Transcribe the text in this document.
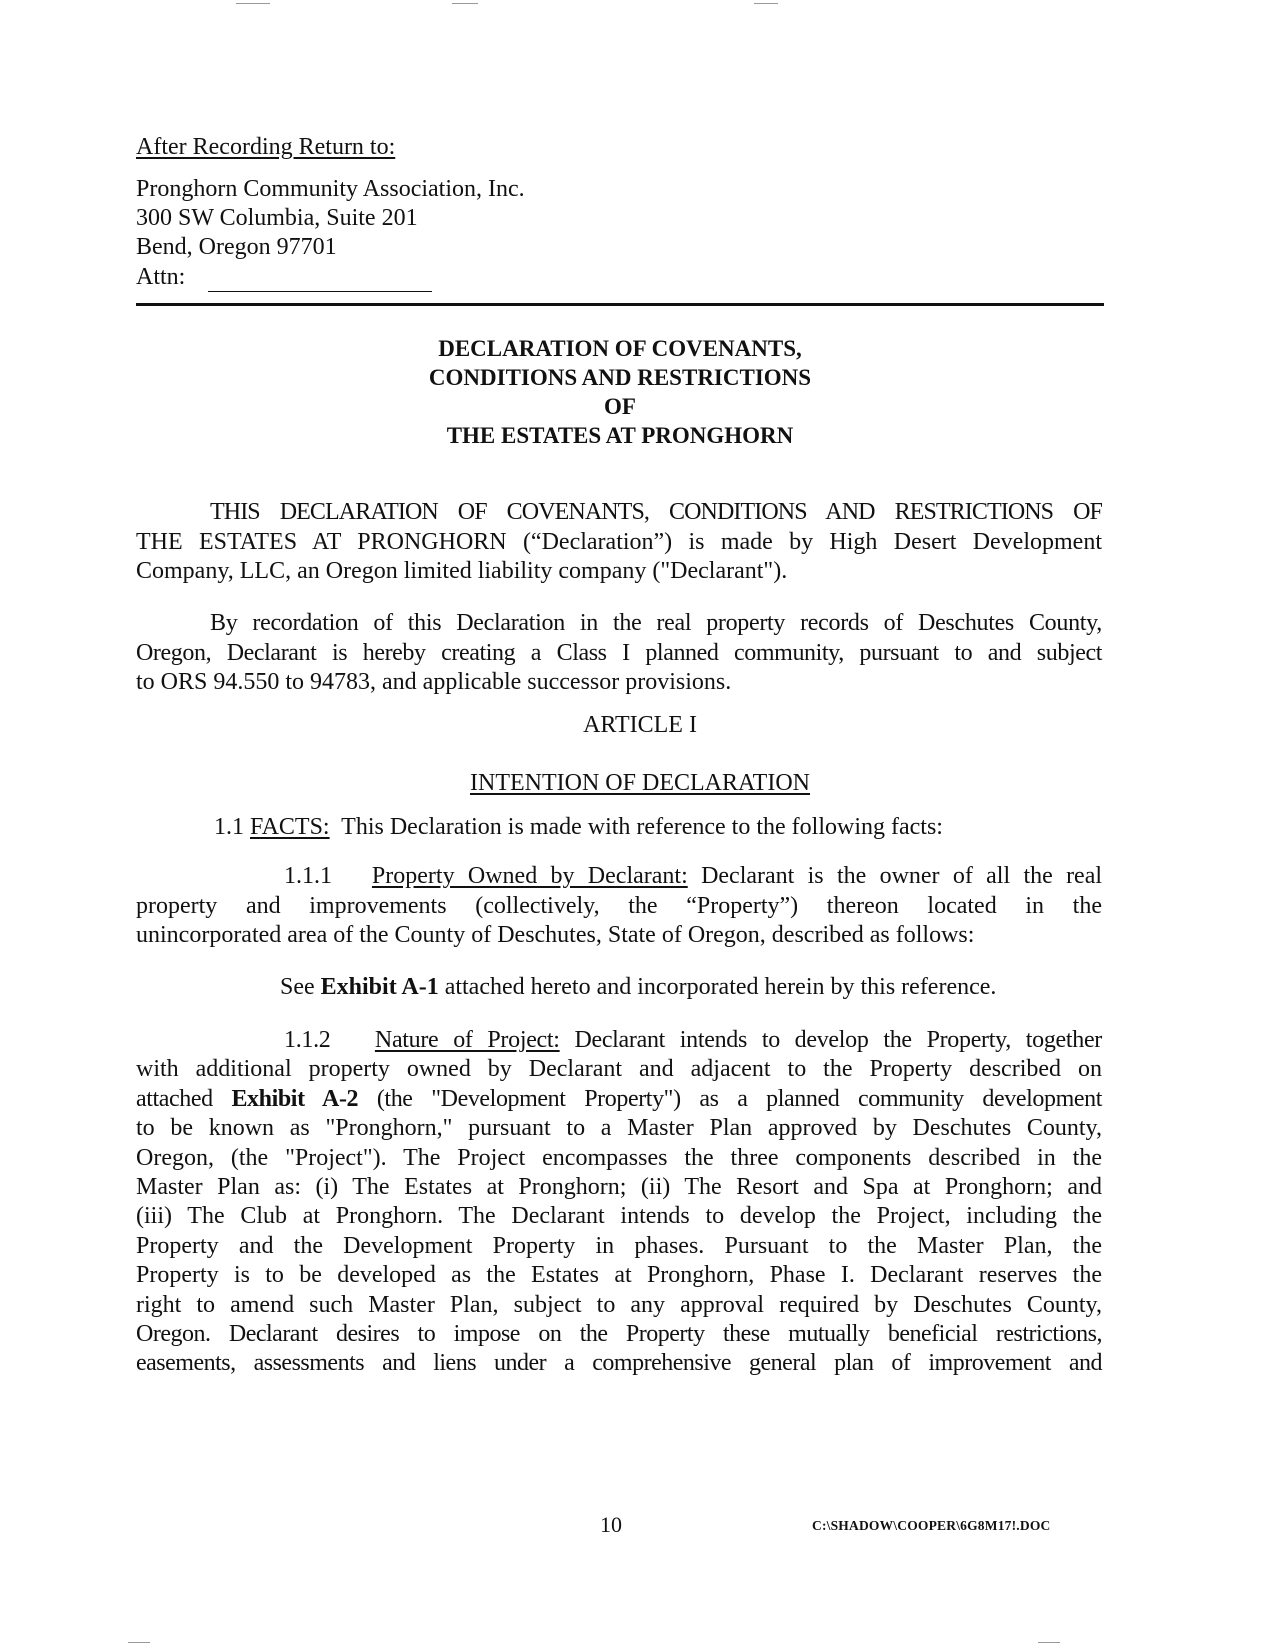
After Recording Return to:
Pronghorn Community Association, Inc.
300 SW Columbia, Suite 201
Bend, Oregon 97701
Attn:
DECLARATION OF COVENANTS,
CONDITIONS AND RESTRICTIONS
OF
THE ESTATES AT PRONGHORN
THIS DECLARATION OF COVENANTS, CONDITIONS AND RESTRICTIONS OF
THE ESTATES AT PRONGHORN (“Declaration”) is made by High Desert Development
Company, LLC, an Oregon limited liability company ("Declarant").
By recordation of this Declaration in the real property records of Deschutes County,
Oregon, Declarant is hereby creating a Class I planned community, pursuant to and subject
to ORS 94.550 to 94783, and applicable successor provisions.
ARTICLE I
INTENTION OF DECLARATION
1.1 FACTS: This Declaration is made with reference to the following facts:
1.1.1 Property Owned by Declarant: Declarant is the owner of all the real
property and improvements (collectively, the “Property”) thereon located in the
unincorporated area of the County of Deschutes, State of Oregon, described as follows:
See Exhibit A-1 attached hereto and incorporated herein by this reference.
1.1.2 Nature of Project: Declarant intends to develop the Property, together
with additional property owned by Declarant and adjacent to the Property described on
attached Exhibit A-2 (the "Development Property") as a planned community development
to be known as "Pronghorn," pursuant to a Master Plan approved by Deschutes County,
Oregon, (the "Project"). The Project encompasses the three components described in the
Master Plan as: (i) The Estates at Pronghorn; (ii) The Resort and Spa at Pronghorn; and
(iii) The Club at Pronghorn. The Declarant intends to develop the Project, including the
Property and the Development Property in phases. Pursuant to the Master Plan, the
Property is to be developed as the Estates at Pronghorn, Phase I. Declarant reserves the
right to amend such Master Plan, subject to any approval required by Deschutes County,
Oregon. Declarant desires to impose on the Property these mutually beneficial restrictions,
easements, assessments and liens under a comprehensive general plan of improvement and
10	C:\SHADOW\COOPER\6G8M17!.DOC
